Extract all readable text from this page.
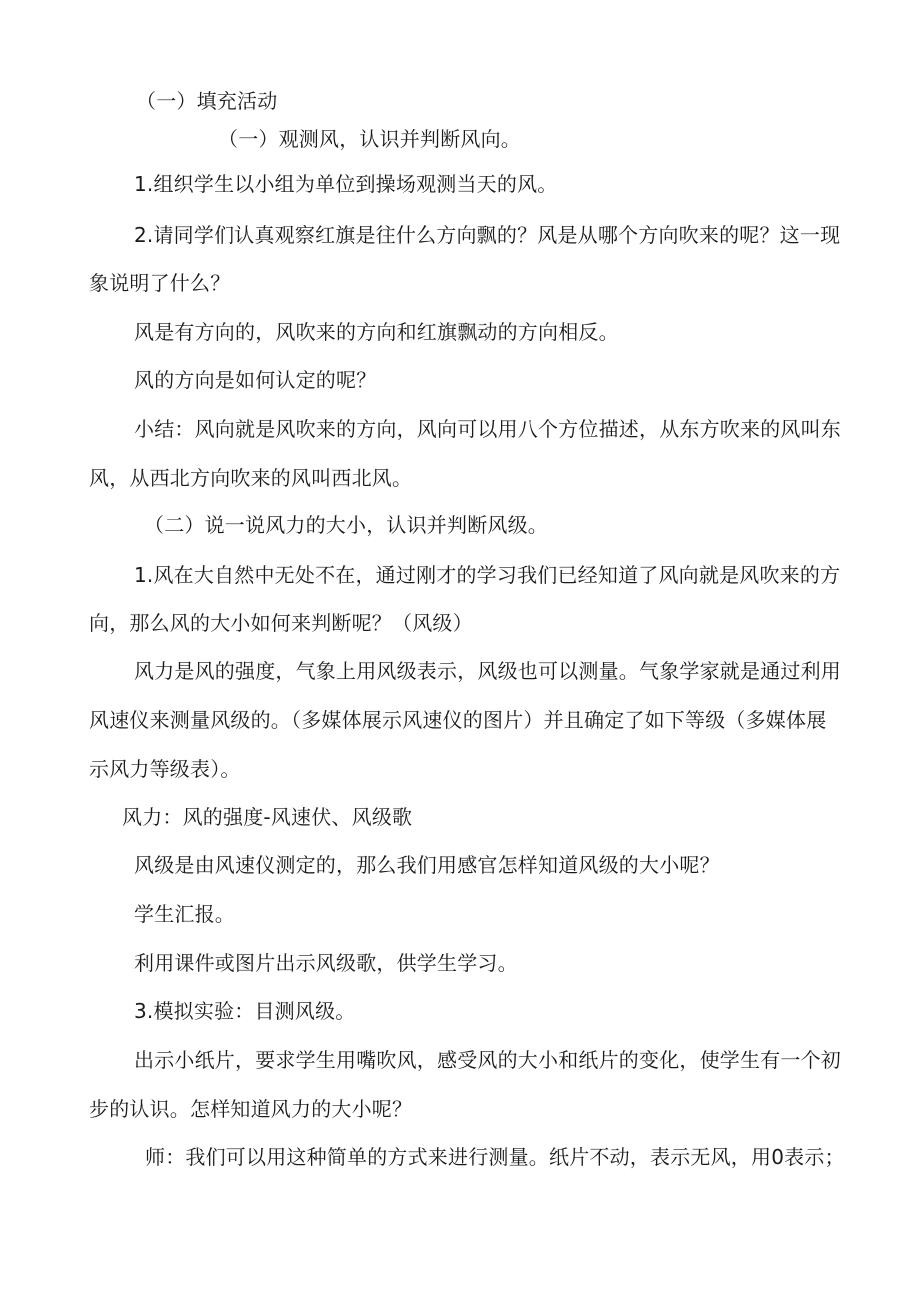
（一）填充活动
（一）观测风，认识并判断风向。
1.组织学生以小组为单位到操场观测当天的风。
2.请同学们认真观察红旗是往什么方向飘的？风是从哪个方向吹来的呢？这一现
象说明了什么？
风是有方向的，风吹来的方向和红旗飘动的方向相反。
风的方向是如何认定的呢？
小结：风向就是风吹来的方向，风向可以用八个方位描述，从东方吹来的风叫东
风，从西北方向吹来的风叫西北风。
（二）说一说风力的大小，认识并判断风级。
1.风在大自然中无处不在，通过刚才的学习我们已经知道了风向就是风吹来的方
向，那么风的大小如何来判断呢？（风级）
风力是风的强度，气象上用风级表示，风级也可以测量。气象学家就是通过利用
风速仪来测量风级的。（多媒体展示风速仪的图片）并且确定了如下等级（多媒体展
示风力等级表）。
风力：风的强度-风速伏、风级歌
风级是由风速仪测定的，那么我们用感官怎样知道风级的大小呢？
学生汇报。
利用课件或图片出示风级歌，供学生学习。
3.模拟实验：目测风级。
出示小纸片，要求学生用嘴吹风，感受风的大小和纸片的变化，使学生有一个初
步的认识。怎样知道风力的大小呢？
师：我们可以用这种简单的方式来进行测量。纸片不动，表示无风，用0表示；
